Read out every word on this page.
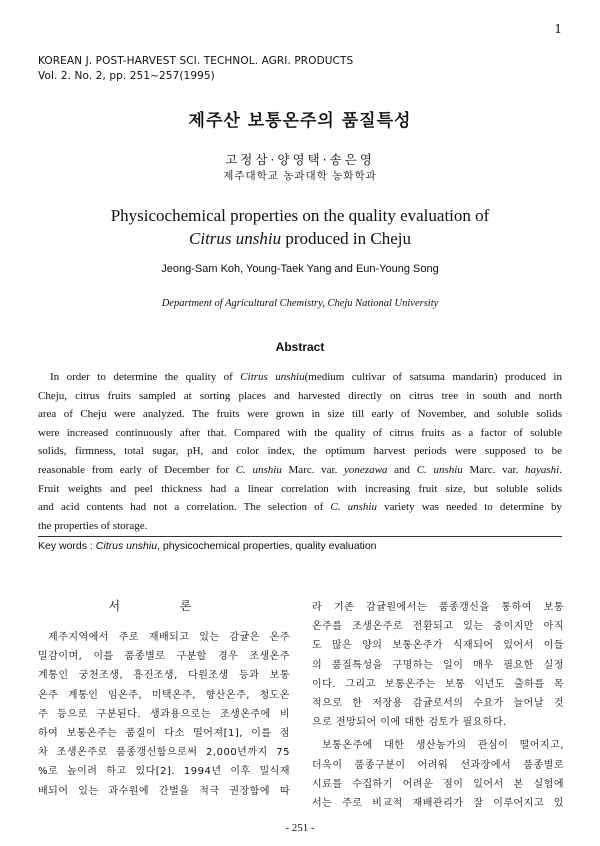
1
KOREAN J. POST-HARVEST SCI. TECHNOL. AGRI. PRODUCTS
Vol. 2. No. 2, pp. 251~257(1995)
제주산 보통온주의 품질특성
고정삼·양영택·송은영
제주대학교 농과대학 농화학과
Physicochemical properties on the quality evaluation of
Citrus unshiu produced in Cheju
Jeong-Sam Koh, Young-Taek Yang and Eun-Young Song
Department of Agricultural Chemistry, Cheju National University
Abstract
In order to determine the quality of Citrus unshiu(medium cultivar of satsuma mandarin) produced in
Cheju, citrus fruits sampled at sorting places and harvested directly on citrus tree in south and north
area of Cheju were analyzed. The fruits were grown in size till early of November, and soluble solids
were increased continuously after that. Compared with the quality of citrus fruits as a factor of soluble
solids, firmness, total sugar, pH, and color index, the optimum harvest periods were supposed to be
reasonable from early of December for C. unshiu Marc. var. yonezawa and C. unshiu Marc. var. hayashi.
Fruit weights and peel thickness had a linear correlation with increasing fruit size, but soluble solids
and acid contents had not a correlation. The selection of C. unshiu variety was needed to determine by
the properties of storage.
Key words : Citrus unshiu, physicochemical properties, quality evaluation
서 론
제주지역에서 주로 재배되고 있는 감귤은 온주
밀감이며, 이를 품종별로 구분할 경우 조생온주
계통인 궁천조생, 흥진조생, 다원조생 등과 보통
온주 계통인 임온주, 미택온주, 향산온주, 청도온
주 등으로 구분된다. 생과용으로는 조생온주에 비
하여 보통온주는 품질이 다소 떨어져[1], 이를 점
차 조생온주로 품종갱신함으로써 2,000년까지 75
%로 높이려 하고 있다[2]. 1994년 이후 밀식재
배되어 있는 과수원에 간벌을 적극 권장함에 따
라 기존 감귤원에서는 품종갱신을 통하여 보통
온주를 조생온주로 전환되고 있는 중이지만 아직
도 많은 양의 보통온주가 식재되어 있어서 이들
의 품질특성을 구명하는 일이 매우 필요한 실정
이다. 그리고 보통온주는 보통 익년도 출하를 목
적으로 한 저장용 감귤로서의 수요가 늘어날 것
으로 전망되어 이에 대한 검토가 필요하다.
보통온주에 대한 생산농가의 관심이 떨어지고,
더욱이 품종구분이 어려워 선과장에서 품종별로
시료를 수집하기 어려운 점이 있어서 본 실험에
서는 주로 비교적 재배관리가 잘 이루어지고 있
- 251 -
